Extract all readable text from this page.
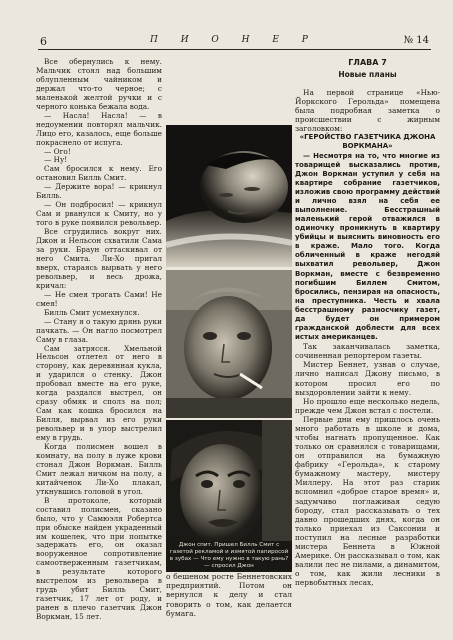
6	П И О Н Е Р	№ 14

Все обернулись к нему. Мальчик стоял над большим облупленным чайником и держал что-то черное; с маленькой желтой ручки и с черного конька бежала вода.

— Насла! Насла! — в недоумении повторял мальчик. Лицо его, казалось, еще больше покраснело от испуга.

— Ого!

— Ну!

Сам бросился к нему. Его остановил Билль Смит.

— Держите вора! — крикнул Билль.

— Он подбросил! — крикнул Сам и рванулся к Смиту, но у того в руке появился револьвер.

Все сгрудились вокруг них. Джон и Нельсон схватили Сама за руки. Браун оттаскивал от него Смита. Ли-Хо пригал вверх, стараясь вырвать у него револьвер, и весь дрожа, кричал:

— Не смея трогать Сами! Не смея!

Билль Смит усмехнулся.

— Стану я о такую дрянь руки пачкать. — Он нагло посмотрел Саму в глаза.

Сам затрясся. Хмельной Нельсон отлетел от него в сторону, как деревянная кукла, и ударился о стенку. Джон пробовал вместе на его руке, когда раздался выстрел, он сразу обмяк и сполз на пол; Сам как кошка бросился на Билля, вырвал из его руки револьвер и в упор выстрелил ему в грудь.

Когда полисмен вошел в комнату, на полу в луже крови стонал Джон Воркман. Билль Смит лежал ничком на полу, а китайченок Ли-Хо плакал, уткнувшись головой в угол.

В протоколе, который составил полисмен, сказано было, что у Самюэля Робертса при обыске найден украденный им кошелек, что при попытке задержать его, он оказал вооруженное сопротивление самоотверженным газетчикам, в результате которого выстрелом из револьвера в грудь убит Билль Смит, газетчик, 17 лет от роду, и ранен в плечо газетчик Джон Воркман, 15 лет.

Джон спит. Пришел Билль Смит с газетой рекламой и измятой папиросой в зубах — Что ему нужно в такую рань? — спросил Джон

о бешеном росте Беннетовских предприятий. Потом он вернулся к делу и стал говорить о том, как делается бумага.

ГЛАВА 7
Новые планы

На первой странице «Нью-Йоркского Герольда» помещена была подробная заметка о происшествии с жирным заголовком:

«ГЕРОЙСТВО ГАЗЕТЧИКА ДЖОНА ВОРКМАНА»

— Несмотря на то, что многие из товарищей высказались против, Джон Воркман уступил у себя на квартире собрание газетчиков, изложив свою программу действий и лично взял на себя ее выполнение. Бесстрашный маленький герой отважился в одиночку проникнуть в квартиру убийцы и выяснить виновность его в краже. Мало того. Когда обличенный в краже негодяй выхватил револьвер, Джон Воркман, вместе с безвременно погибшим Биллем Смитом, бросились, пензирая на опасность, на преступника. Честь и хвала бесстрашному разносчику газет, да будет он примером гражданской доблести для всех истых американцев.

Так заканчивалась заметка, сочиненная репортером газеты.

Мистер Беннет, узнав о случае, лично написал Джону письмо, в котором просил его по выздоровлении зайти к нему.

Но прошло еще несколько недель, прежде чем Джон встал с постели.

Первые дни ему пришлось очень много работать в школе и дома, чтобы нагнать пропущенное. Как только он сравнялся с товарищами, он отправился на бумажную фабрику «Герольда», к старому бумажному мастеру, мистеру Миллеру. На этот раз старик вспомнил «доброе старое время» и, задумчиво поглаживая седую бороду, стал рассказывать о тех давно прошедших днях, когда он только приехал из Саксонии и поступил на лесные разработки мистера Беннета в Южной Америке. Он рассказывал о том, как валили лес не пилами, а динамитом, о том, как жили лесники в первобытных лесах,
